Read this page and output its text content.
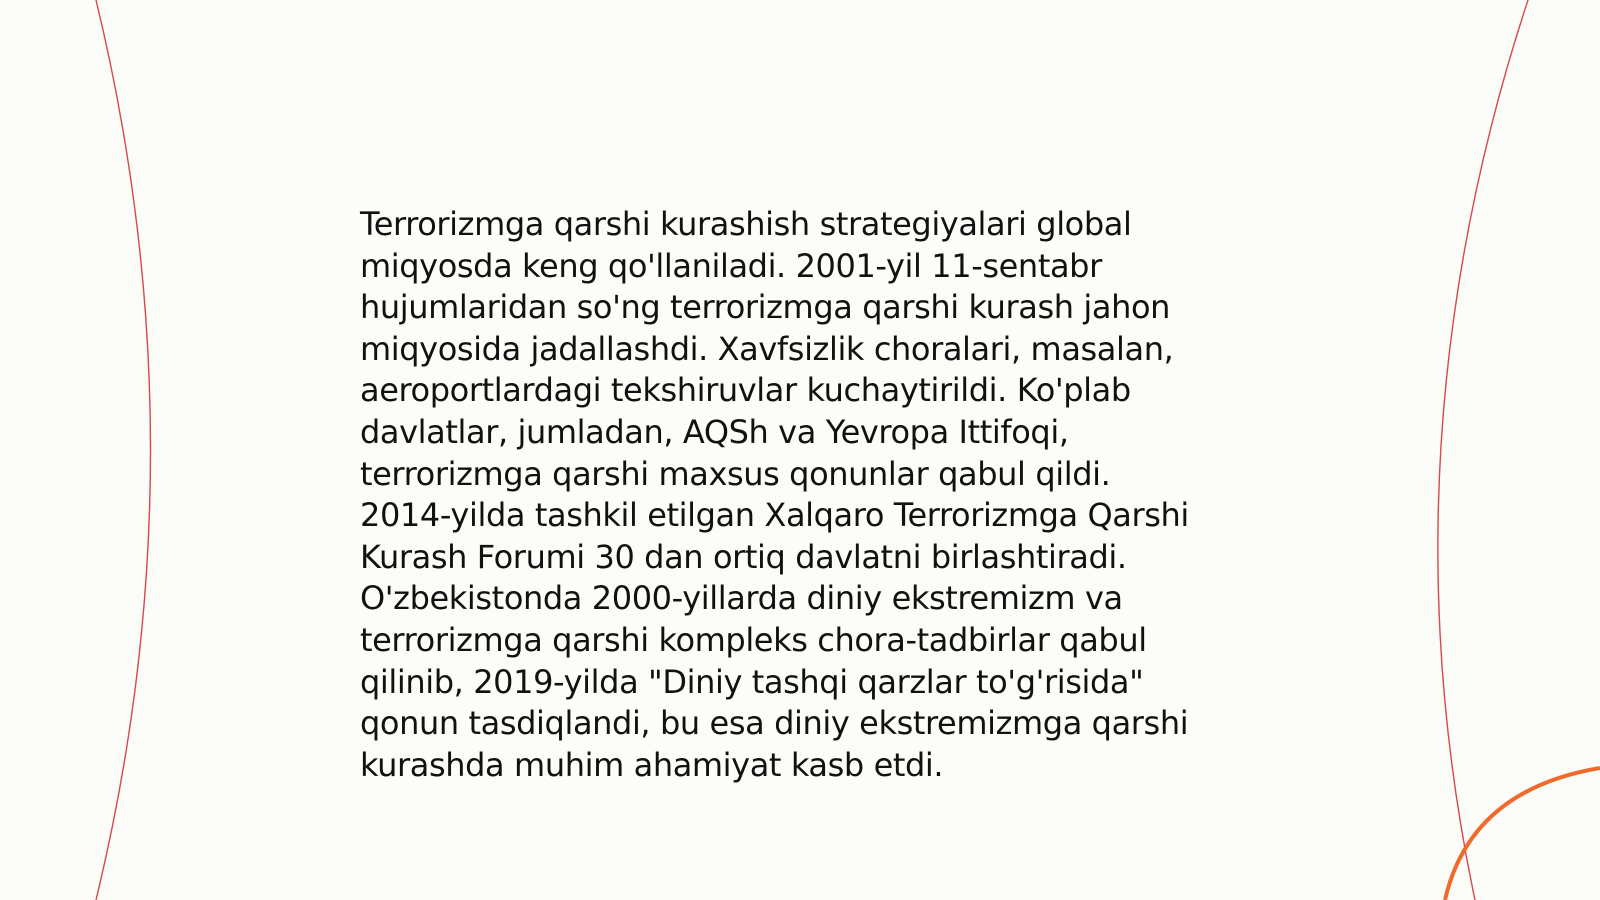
Terrorizmga qarshi kurashish strategiyalari global
miqyosda keng qo'llaniladi. 2001-yil 11-sentabr
hujumlaridan so'ng terrorizmga qarshi kurash jahon
miqyosida jadallashdi. Xavfsizlik choralari, masalan,
aeroportlardagi tekshiruvlar kuchaytirildi. Ko'plab
davlatlar, jumladan, AQSh va Yevropa Ittifoqi,
terrorizmga qarshi maxsus qonunlar qabul qildi.
2014-yilda tashkil etilgan Xalqaro Terrorizmga Qarshi
Kurash Forumi 30 dan ortiq davlatni birlashtiradi.
O'zbekistonda 2000-yillarda diniy ekstremizm va
terrorizmga qarshi kompleks chora-tadbirlar qabul
qilinib, 2019-yilda "Diniy tashqi qarzlar to'g'risida"
qonun tasdiqlandi, bu esa diniy ekstremizmga qarshi
kurashda muhim ahamiyat kasb etdi.
